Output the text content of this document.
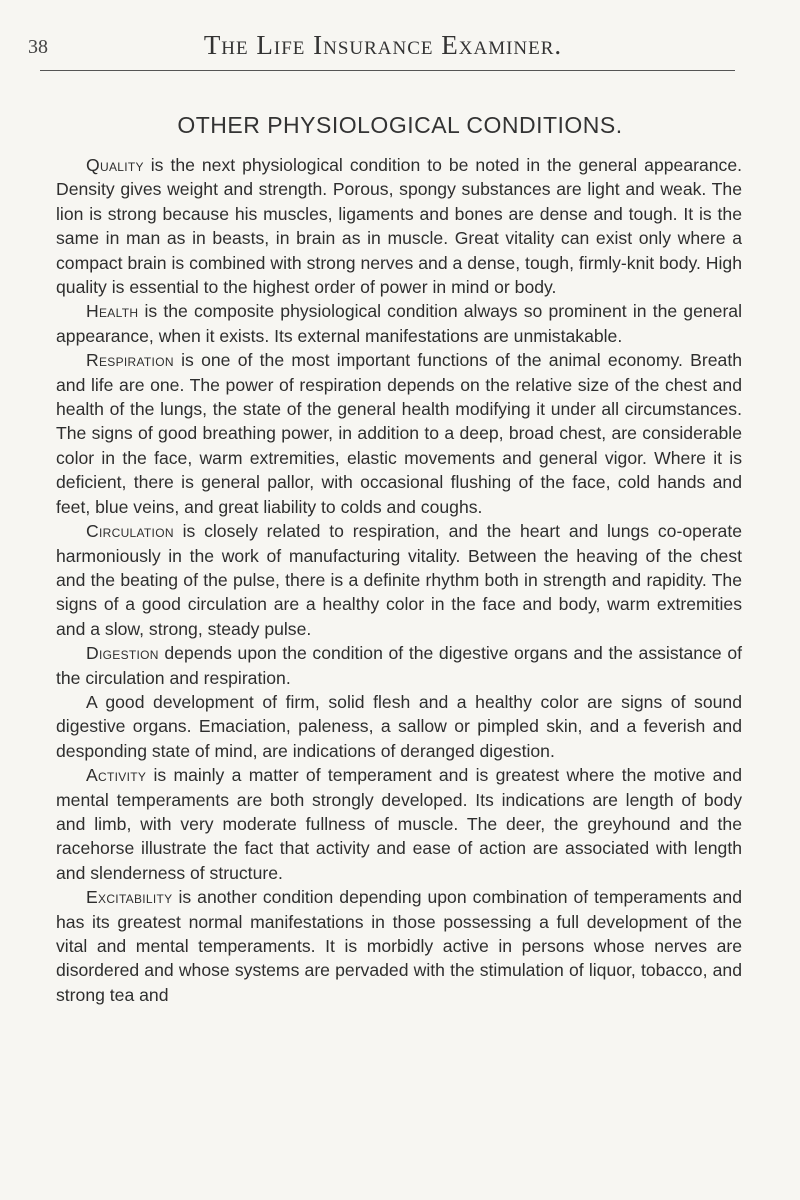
38	The Life Insurance Examiner.
OTHER PHYSIOLOGICAL CONDITIONS.

Quality is the next physiological condition to be noted in the general appearance. Density gives weight and strength. Porous, spongy substances are light and weak. The lion is strong because his muscles, ligaments and bones are dense and tough. It is the same in man as in beasts, in brain as in muscle. Great vitality can exist only where a compact brain is combined with strong nerves and a dense, tough, firmly-knit body. High quality is essential to the highest order of power in mind or body.

Health is the composite physiological condition always so prominent in the general appearance, when it exists. Its external manifestations are unmistakable.

Respiration is one of the most important functions of the animal economy. Breath and life are one. The power of respiration depends on the relative size of the chest and health of the lungs, the state of the general health modifying it under all circumstances. The signs of good breathing power, in addition to a deep, broad chest, are considerable color in the face, warm extremities, elastic movements and general vigor. Where it is deficient, there is general pallor, with occasional flushing of the face, cold hands and feet, blue veins, and great liability to colds and coughs.

Circulation is closely related to respiration, and the heart and lungs co-operate harmoniously in the work of manufacturing vitality. Between the heaving of the chest and the beating of the pulse, there is a definite rhythm both in strength and rapidity. The signs of a good circulation are a healthy color in the face and body, warm extremities and a slow, strong, steady pulse.

Digestion depends upon the condition of the digestive organs and the assistance of the circulation and respiration.

A good development of firm, solid flesh and a healthy color are signs of sound digestive organs. Emaciation, paleness, a sallow or pimpled skin, and a feverish and desponding state of mind, are indications of deranged digestion.

Activity is mainly a matter of temperament and is greatest where the motive and mental temperaments are both strongly developed. Its indications are length of body and limb, with very moderate fullness of muscle. The deer, the greyhound and the racehorse illustrate the fact that activity and ease of action are associated with length and slenderness of structure.

Excitability is another condition depending upon combination of temperaments and has its greatest normal manifestations in those possessing a full development of the vital and mental temperaments. It is morbidly active in persons whose nerves are disordered and whose systems are pervaded with the stimulation of liquor, tobacco, and strong tea and
